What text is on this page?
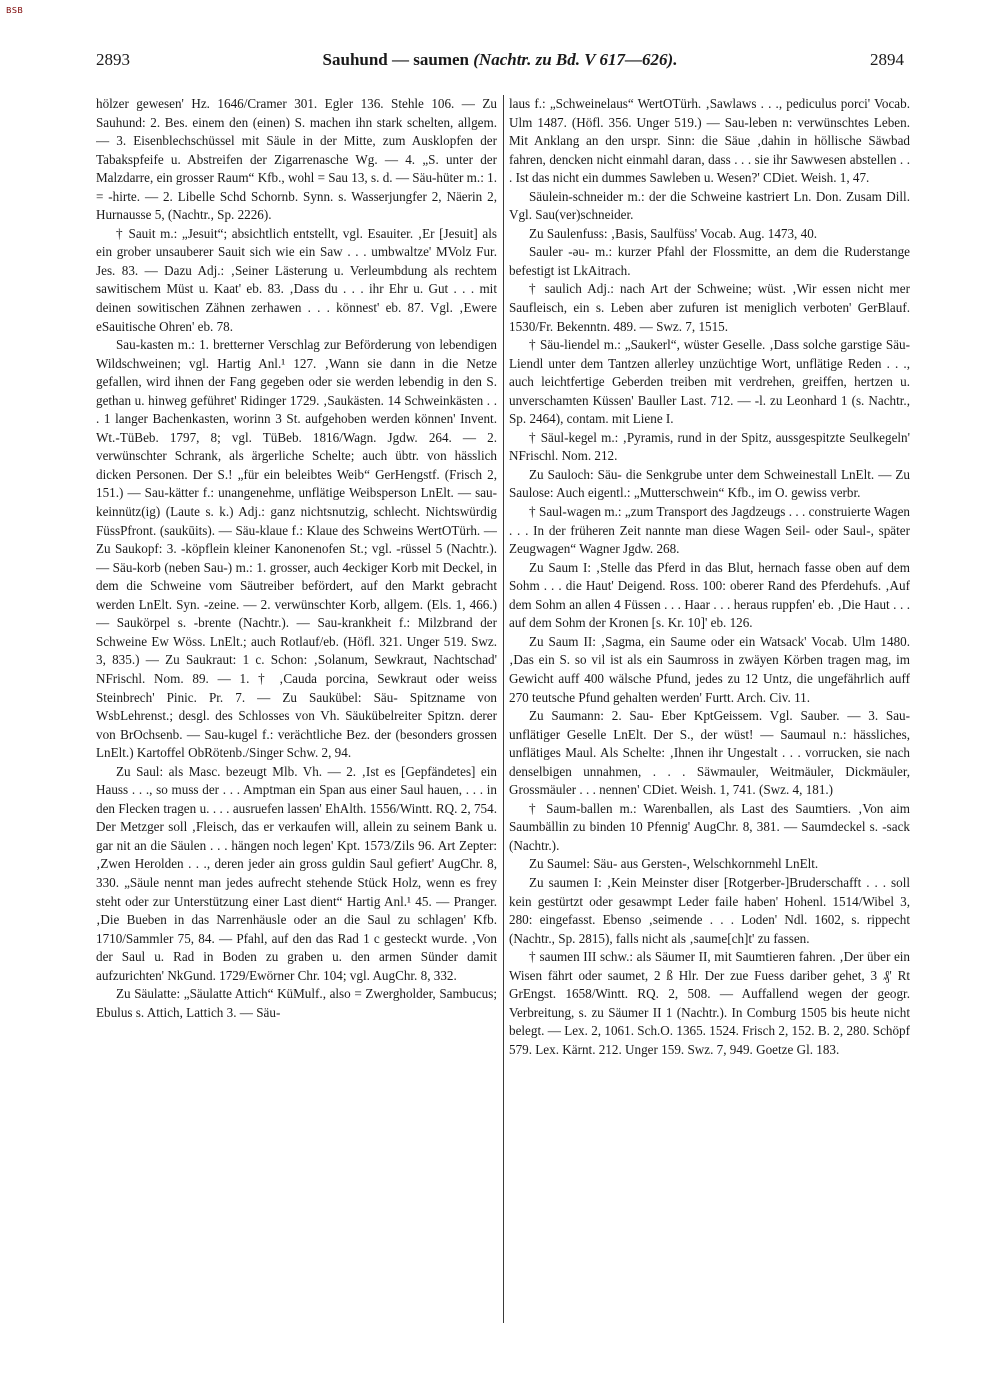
BSB
2893	Sauhund — saumen (Nachtr. zu Bd. V 617—626).	2894

hölzer gewesen' Hz. 1646/Cramer 301. Egler 136. Stehle 106. — Zu Sauhund: 2. Bes. einem den (einen) S. machen ihn stark schelten, allgem. — 3. Eisenblechschüssel mit Säule in der Mitte, zum Ausklopfen der Tabakspfeife u. Abstreifen der Zigarrenasche Wg. — 4. „S. unter der Malzdarre, ein grosser Raum“ Kfb., wohl = Sau 13, s. d. — Säu-hüter m.: 1. = -hirte. — 2. Libelle Schd Schornb. Synn. s. Wasserjungfer 2, Näerin 2, Hurnausse 5, (Nachtr., Sp. 2226).

† Sauit m.: „Jesuit“; absichtlich entstellt, vgl. Esauiter. ‚Er [Jesuit] als ein grober unsauberer Sauit sich wie ein Saw . . . umbwaltze' MVolz Fur. Jes. 83. — Dazu Adj.: ‚Seiner Lästerung u. Verleumbdung als rechtem sawitischem Müst u. Kaat' eb. 83. ‚Dass du . . . ihr Ehr u. Gut . . . mit deinen sowitischen Zähnen zerhawen . . . könnest' eb. 87. Vgl. ‚Ewere eSauitische Ohren' eb. 78.

Sau-kasten m.: 1. bretterner Verschlag zur Beförderung von lebendigen Wildschweinen; vgl. Hartig Anl.¹ 127. ‚Wann sie dann in die Netze gefallen, wird ihnen der Fang gegeben oder sie werden lebendig in den S. gethan u. hinweg geführet' Ridinger 1729. ‚Saukästen. 14 Schweinkästen . . . 1 langer Bachenkasten, worinn 3 St. aufgehoben werden können' Invent. Wt.-TüBeb. 1797, 8; vgl. TüBeb. 1816/Wagn. Jgdw. 264. — 2. verwünschter Schrank, als ärgerliche Schelte; auch übtr. von hässlich dicken Personen. Der S.! „für ein beleibtes Weib“ GerHengstf. (Frisch 2, 151.) — Sau-kätter f.: unangenehme, unflätige Weibsperson LnElt. — sau-keinnütz(ig) (Laute s. k.) Adj.: ganz nichtsnutzig, schlecht. Nichtswürdig FüssPfront. (saukūits). — Säu-klaue f.: Klaue des Schweins WertOTürh. — Zu Saukopf: 3. -köpflein kleiner Kanonenofen St.; vgl. -rüssel 5 (Nachtr.). — Säu-korb (neben Sau-) m.: 1. grosser, auch 4eckiger Korb mit Deckel, in dem die Schweine vom Säutreiber befördert, auf den Markt gebracht werden LnElt. Syn. -zeine. — 2. verwünschter Korb, allgem. (Els. 1, 466.) — Saukörpel s. -brente (Nachtr.). — Sau-krankheit f.: Milzbrand der Schweine Ew Wöss. LnElt.; auch Rotlauf/eb. (Höfl. 321. Unger 519. Swz. 3, 835.) — Zu Saukraut: 1 c. Schon: ‚Solanum, Sewkraut, Nachtschad' NFrischl. Nom. 89. — 1. † ‚Cauda porcina, Sewkraut oder weiss Steinbrech' Pinic. Pr. 7. — Zu Saukübel: Säu- Spitzname von WsbLehrenst.; desgl. des Schlosses von Vh. Säukübelreiter Spitzn. derer von BrOchsenb. — Sau-kugel f.: verächtliche Bez. der (besonders grossen LnElt.) Kartoffel ObRötenb./Singer Schw. 2, 94.

Zu Saul: als Masc. bezeugt Mlb. Vh. — 2. ‚Ist es [Gepfändetes] ein Hauss . . ., so muss der . . . Amptman ein Span aus einer Saul hauen, . . . in den Flecken tragen u. . . . ausruefen lassen' EhAlth. 1556/Wintt. RQ. 2, 754. Der Metzger soll ‚Fleisch, das er verkaufen will, allein zu seinem Bank u. gar nit an die Säulen . . . hängen noch legen' Kpt. 1573/Zils 96. Art Zepter: ‚Zwen Herolden . . ., deren jeder ain gross guldin Saul gefiert' AugChr. 8, 330. „Säule nennt man jedes aufrecht stehende Stück Holz, wenn es frey steht oder zur Unterstützung einer Last dient“ Hartig Anl.¹ 45. — Pranger. ‚Die Bueben in das Narrenhäusle oder an die Saul zu schlagen' Kfb. 1710/Sammler 75, 84. — Pfahl, auf den das Rad 1 c gesteckt wurde. ‚Von der Saul u. Rad in Boden zu graben u. den armen Sünder damit aufzurichten' NkGund. 1729/Ewörner Chr. 104; vgl. AugChr. 8, 332.

Zu Säulatte: „Säulatte Attich“ KüMulf., also = Zwergholder, Sambucus; Ebulus s. Attich, Lattich 3. — Säu-

laus f.: „Schweinelaus“ WertOTürh. ‚Sawlaws . . ., pediculus porci' Vocab. Ulm 1487. (Höfl. 356. Unger 519.) — Sau-leben n: verwünschtes Leben. Mit Anklang an den urspr. Sinn: die Säue ‚dahin in höllische Säwbad fahren, dencken nicht einmahl daran, dass . . . sie ihr Sawwesen abstellen . . . Ist das nicht ein dummes Sawleben u. Wesen?' CDiet. Weish. 1, 47.

Säulein-schneider m.: der die Schweine kastriert Ln. Don. Zusam Dill. Vgl. Sau(ver)schneider.

Zu Saulenfuss: ‚Basis, Saulfüss' Vocab. Aug. 1473, 40.

Sauler -əu- m.: kurzer Pfahl der Flossmitte, an dem die Ruderstange befestigt ist LkAitrach.

† saulich Adj.: nach Art der Schweine; wüst. ‚Wir essen nicht mer Saufleisch, ein s. Leben aber zufuren ist meniglich verboten' GerBlauf. 1530/Fr. Bekenntn. 489. — Swz. 7, 1515.

† Säu-liendel m.: „Saukerl“, wüster Geselle. ‚Dass solche garstige Säu-Liendl unter dem Tantzen allerley unzüchtige Wort, unflätige Reden . . ., auch leichtfertige Geberden treiben mit verdrehen, greiffen, hertzen u. unverschamten Küssen' Bauller Last. 712. — -l. zu Leonhard 1 (s. Nachtr., Sp. 2464), contam. mit Liene I.

† Säul-kegel m.: ‚Pyramis, rund in der Spitz, aussgespitzte Seulkegeln' NFrischl. Nom. 212.

Zu Sauloch: Säu- die Senkgrube unter dem Schweinestall LnElt. — Zu Saulose: Auch eigentl.: „Mutterschwein“ Kfb., im O. gewiss verbr.

† Saul-wagen m.: „zum Transport des Jagdzeugs . . . construierte Wagen . . . In der früheren Zeit nannte man diese Wagen Seil- oder Saul-, später Zeugwagen“ Wagner Jgdw. 268.

Zu Saum I: ‚Stelle das Pferd in das Blut, hernach fasse oben auf dem Sohm . . . die Haut' Deigend. Ross. 100: oberer Rand des Pferdehufs. ‚Auf dem Sohm an allen 4 Füssen . . . Haar . . . heraus ruppfen' eb. ‚Die Haut . . . auf dem Sohm der Kronen [s. Kr. 10]' eb. 126.

Zu Saum II: ‚Sagma, ein Saume oder ein Watsack' Vocab. Ulm 1480. ‚Das ein S. so vil ist als ein Saumross in zwäyen Körben tragen mag, im Gewicht auff 400 wälsche Pfund, jedes zu 12 Untz, die ungefährlich auff 270 teutsche Pfund gehalten werden' Furtt. Arch. Civ. 11.

Zu Saumann: 2. Sau- Eber KptGeissem. Vgl. Sauber. — 3. Sau- unflätiger Geselle LnElt. Der S., der wüst! — Saumaul n.: hässliches, unflätiges Maul. Als Schelte: ‚Ihnen ihr Ungestalt . . . vorrucken, sie nach denselbigen unnahmen, . . . Säwmauler, Weitmäuler, Dickmäuler, Grossmäuler . . . nennen' CDiet. Weish. 1, 741. (Swz. 4, 181.)

† Saum-ballen m.: Warenballen, als Last des Saumtiers. ‚Von aim Saumbällin zu binden 10 Pfennig' AugChr. 8, 381. — Saumdeckel s. -sack (Nachtr.).

Zu Saumel: Säu- aus Gersten-, Welschkornmehl LnElt.

Zu saumen I: ‚Kein Meinster diser [Rotgerber-]Bruderschafft . . . soll kein gestürtzt oder gesawmpt Leder faile haben' Hohenl. 1514/Wibel 3, 280: eingefasst. Ebenso ‚seimende . . . Loden' Ndl. 1602, s. rippecht (Nachtr., Sp. 2815), falls nicht als ‚saume[ch]t' zu fassen.

† saumen III schw.: als Säumer II, mit Saumtieren fahren. ‚Der über ein Wisen fährt oder saumet, 2 ß Hlr. Der zue Fuess dariber gehet, 3 ₰' Rt GrEngst. 1658/Wintt. RQ. 2, 508. — Auffallend wegen der geogr. Verbreitung, s. zu Säumer II 1 (Nachtr.). In Comburg 1505 bis heute nicht belegt. — Lex. 2, 1061. Sch.O. 1365. 1524. Frisch 2, 152. B. 2, 280. Schöpf 579. Lex. Kärnt. 212. Unger 159. Swz. 7, 949. Goetze Gl. 183.
